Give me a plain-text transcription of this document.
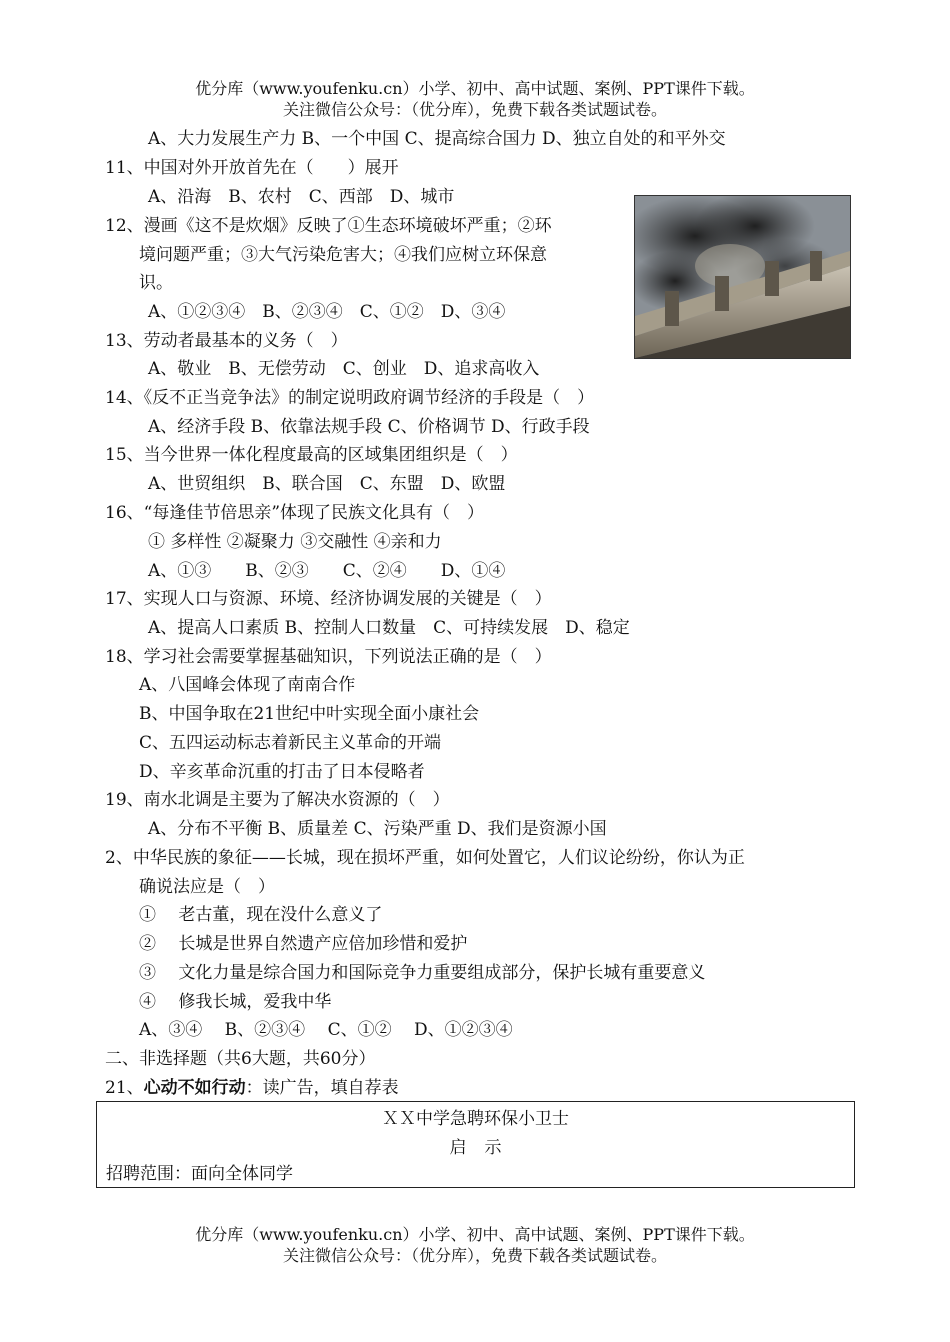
优分库（www.youfenku.cn）小学、初中、高中试题、案例、PPT课件下载。
关注微信公众号：（优分库），免费下载各类试题试卷。
A、大力发展生产力 B、一个中国 C、提高综合国力 D、独立自处的和平外交
11、中国对外开放首先在（　　）展开
A、沿海　B、农村　C、西部　D、城市
12、漫画《这不是炊烟》反映了①生态环境破坏严重；②环
境问题严重；③大气污染危害大；④我们应树立环保意
识。
A、①②③④　B、②③④　C、①②　D、③④
13、劳动者最基本的义务（　）
A、敬业　B、无偿劳动　C、创业　D、追求高收入
14、《反不正当竞争法》的制定说明政府调节经济的手段是（　）
A、经济手段 B、依靠法规手段 C、价格调节 D、行政手段
15、当今世界一体化程度最高的区域集团组织是（　）
A、世贸组织　B、联合国　C、东盟　D、欧盟
16、“每逢佳节倍思亲”体现了民族文化具有（　）
① 多样性 ②凝聚力 ③交融性 ④亲和力
A、①③　　B、②③　　C、②④　　D、①④
17、实现人口与资源、环境、经济协调发展的关键是（　）
A、提高人口素质 B、控制人口数量　C、可持续发展　D、稳定
18、学习社会需要掌握基础知识，下列说法正确的是（　）
A、八国峰会体现了南南合作
B、中国争取在21世纪中叶实现全面小康社会
C、五四运动标志着新民主义革命的开端
D、辛亥革命沉重的打击了日本侵略者
19、南水北调是主要为了解决水资源的（　）
A、分布不平衡 B、质量差 C、污染严重 D、我们是资源小国
2、中华民族的象征——长城，现在损坏严重，如何处置它，人们议论纷纷，你认为正
确说法应是（　）
①　 老古董，现在没什么意义了
②　 长城是世界自然遗产应倍加珍惜和爱护
③　 文化力量是综合国力和国际竞争力重要组成部分，保护长城有重要意义
④　 修我长城，爱我中华
A、③④　 B、②③④　 C、①②　 D、①②③④
二、非选择题（共6大题，共60分）
21、心动不如行动：读广告，填自荐表
ＸＸ中学急聘环保小卫士
启示
招聘范围：面向全体同学
优分库（www.youfenku.cn）小学、初中、高中试题、案例、PPT课件下载。
关注微信公众号：（优分库），免费下载各类试题试卷。
